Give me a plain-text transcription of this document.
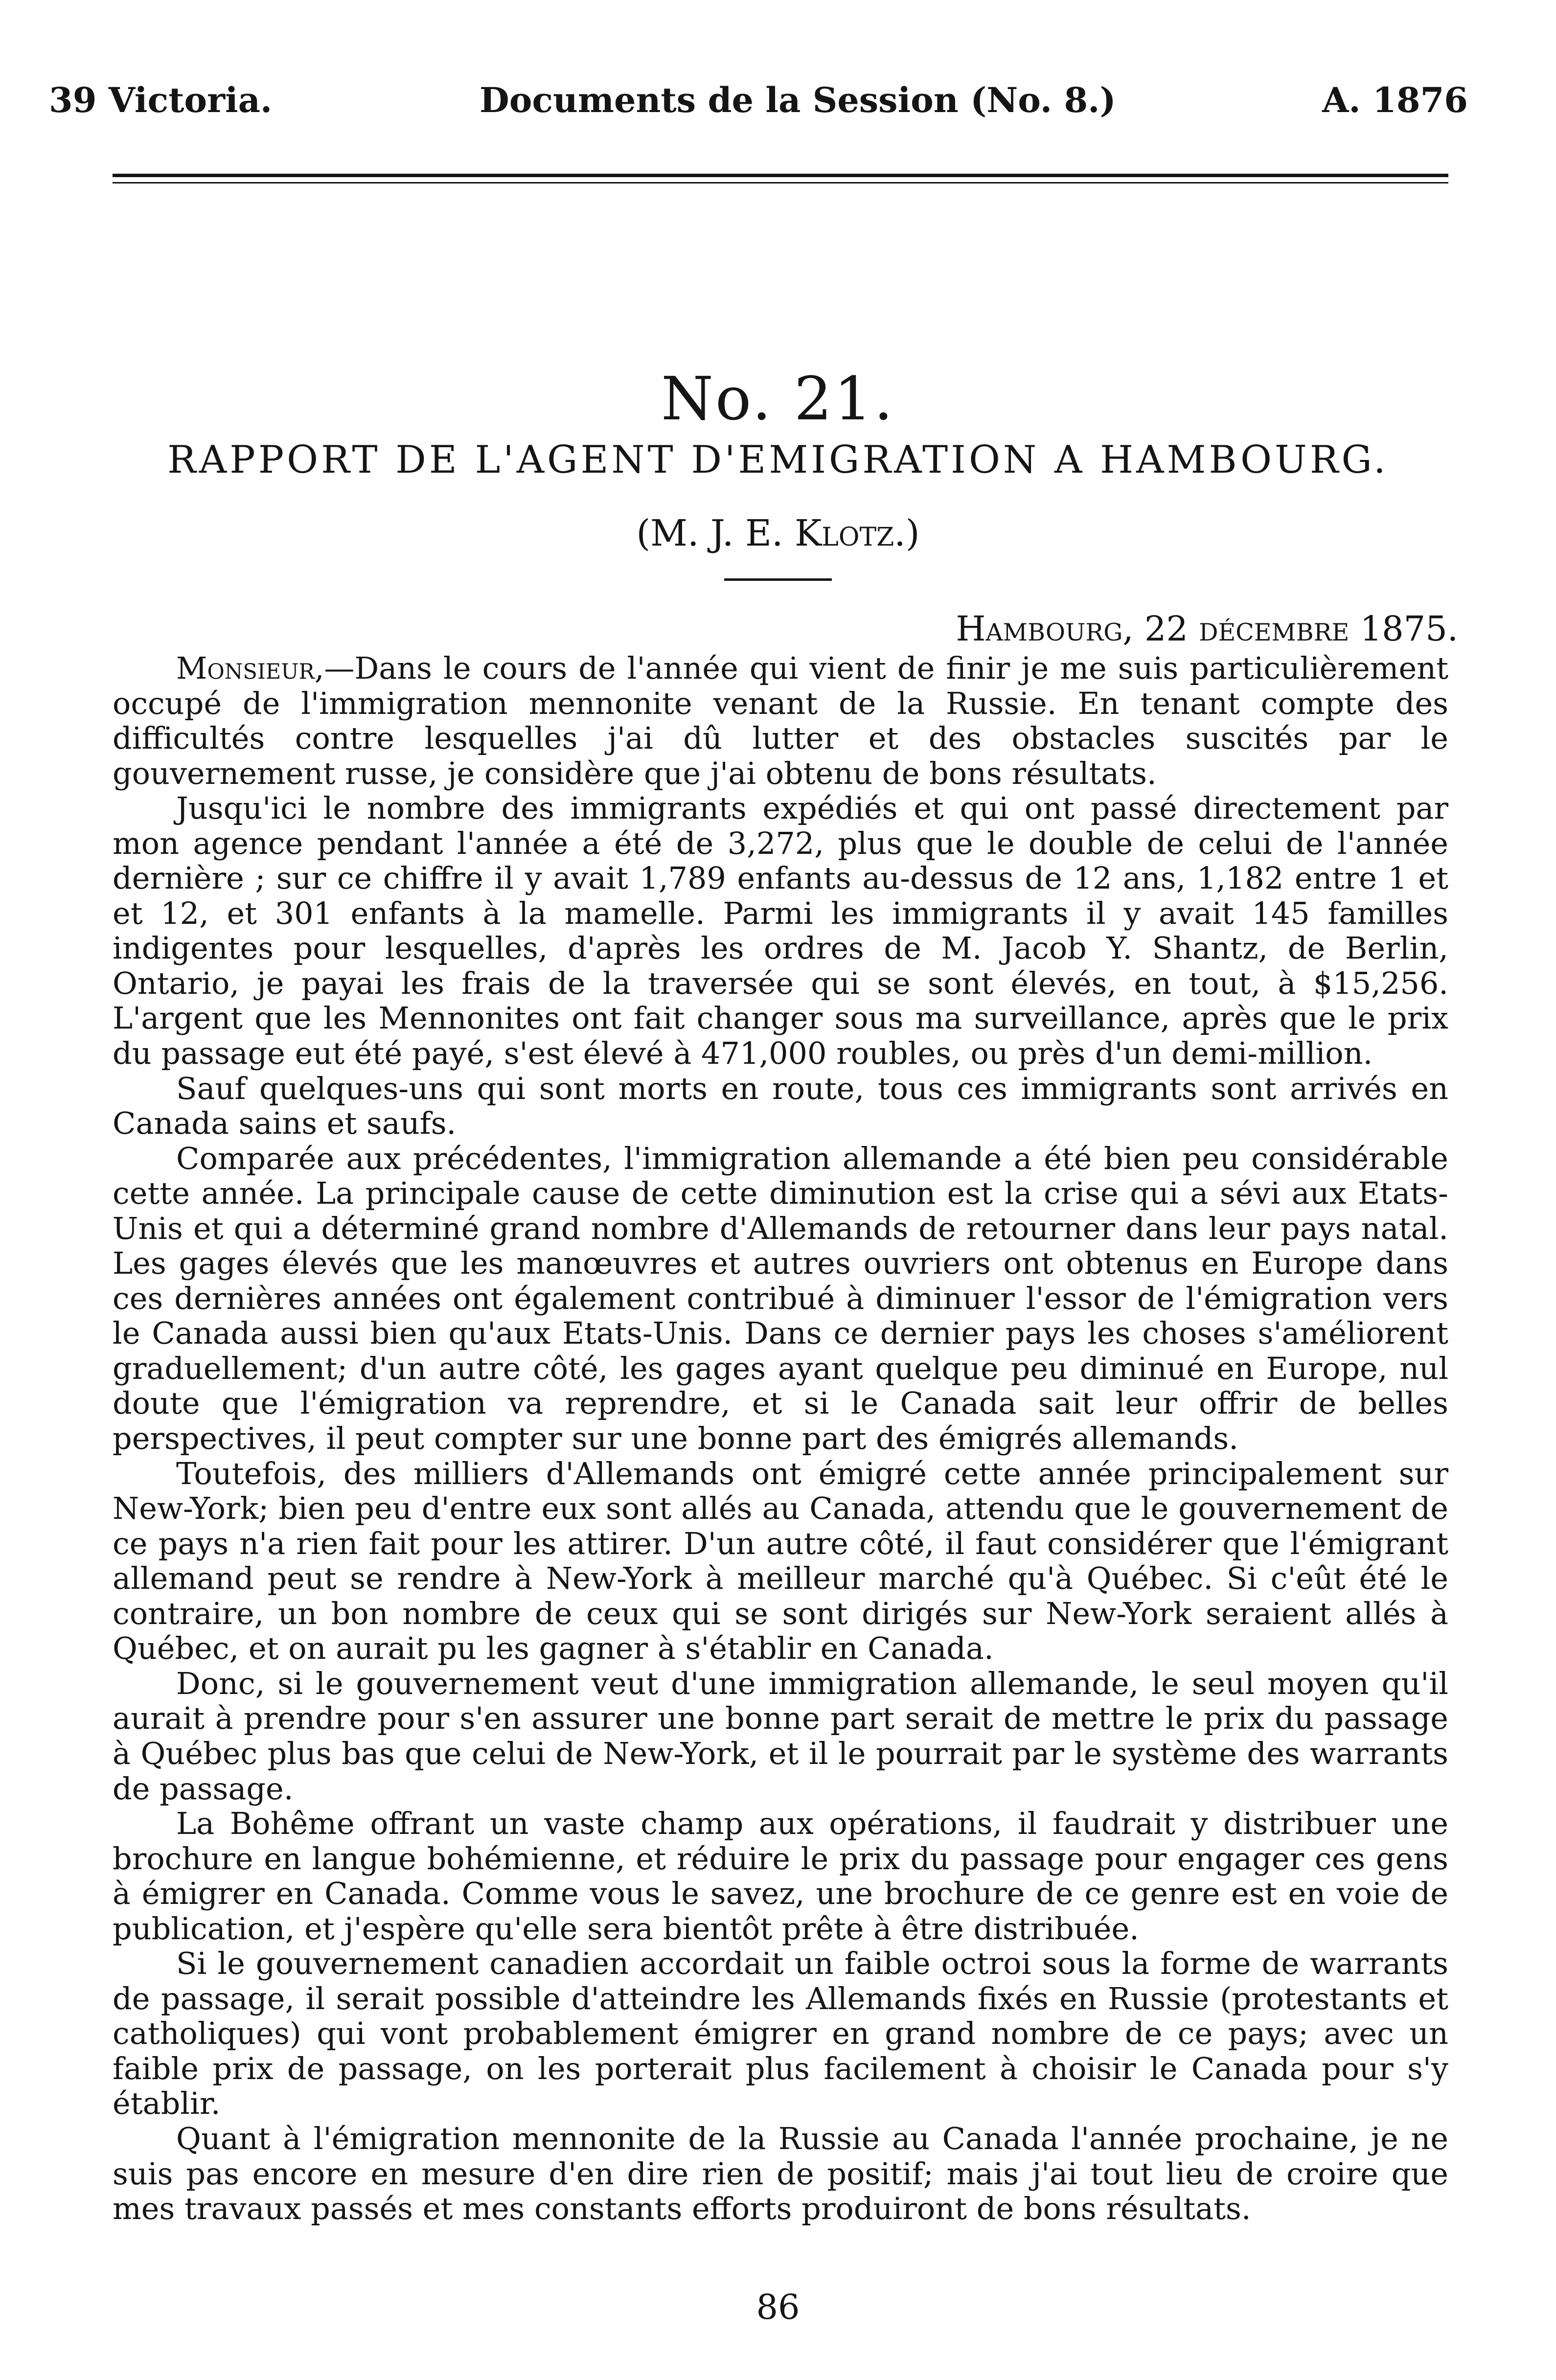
39 Victoria.	Documents de la Session (No. 8.)	A. 1876
No. 21.
RAPPORT DE L'AGENT D'EMIGRATION A HAMBOURG.
(M. J. E. Klotz.)
Hambourg, 22 décembre 1875.

Monsieur,—Dans le cours de l'année qui vient de finir je me suis particulièrement occupé de l'immigration mennonite venant de la Russie. En tenant compte des difficultés contre lesquelles j'ai dû lutter et des obstacles suscités par le gouvernement russe, je considère que j'ai obtenu de bons résultats.

Jusqu'ici le nombre des immigrants expédiés et qui ont passé directement par mon agence pendant l'année a été de 3,272, plus que le double de celui de l'année dernière ; sur ce chiffre il y avait 1,789 enfants au-dessus de 12 ans, 1,182 entre 1 et et 12, et 301 enfants à la mamelle. Parmi les immigrants il y avait 145 familles indigentes pour lesquelles, d'après les ordres de M. Jacob Y. Shantz, de Berlin, Ontario, je payai les frais de la traversée qui se sont élevés, en tout, à $15,256. L'argent que les Mennonites ont fait changer sous ma surveillance, après que le prix du passage eut été payé, s'est élevé à 471,000 roubles, ou près d'un demi-million.

Sauf quelques-uns qui sont morts en route, tous ces immigrants sont arrivés en Canada sains et saufs.

Comparée aux précédentes, l'immigration allemande a été bien peu considérable cette année. La principale cause de cette diminution est la crise qui a sévi aux Etats-Unis et qui a déterminé grand nombre d'Allemands de retourner dans leur pays natal. Les gages élevés que les manœuvres et autres ouvriers ont obtenus en Europe dans ces dernières années ont également contribué à diminuer l'essor de l'émigration vers le Canada aussi bien qu'aux Etats-Unis. Dans ce dernier pays les choses s'améliorent graduellement; d'un autre côté, les gages ayant quelque peu diminué en Europe, nul doute que l'émigration va reprendre, et si le Canada sait leur offrir de belles perspectives, il peut compter sur une bonne part des émigrés allemands.

Toutefois, des milliers d'Allemands ont émigré cette année principalement sur New-York; bien peu d'entre eux sont allés au Canada, attendu que le gouvernement de ce pays n'a rien fait pour les attirer. D'un autre côté, il faut considérer que l'émigrant allemand peut se rendre à New-York à meilleur marché qu'à Québec. Si c'eût été le contraire, un bon nombre de ceux qui se sont dirigés sur New-York seraient allés à Québec, et on aurait pu les gagner à s'établir en Canada.

Donc, si le gouvernement veut d'une immigration allemande, le seul moyen qu'il aurait à prendre pour s'en assurer une bonne part serait de mettre le prix du passage à Québec plus bas que celui de New-York, et il le pourrait par le système des warrants de passage.

La Bohême offrant un vaste champ aux opérations, il faudrait y distribuer une brochure en langue bohémienne, et réduire le prix du passage pour engager ces gens à émigrer en Canada. Comme vous le savez, une brochure de ce genre est en voie de publication, et j'espère qu'elle sera bientôt prête à être distribuée.

Si le gouvernement canadien accordait un faible octroi sous la forme de warrants de passage, il serait possible d'atteindre les Allemands fixés en Russie (protestants et catholiques) qui vont probablement émigrer en grand nombre de ce pays; avec un faible prix de passage, on les porterait plus facilement à choisir le Canada pour s'y établir.

Quant à l'émigration mennonite de la Russie au Canada l'année prochaine, je ne suis pas encore en mesure d'en dire rien de positif; mais j'ai tout lieu de croire que mes travaux passés et mes constants efforts produiront de bons résultats.

86
